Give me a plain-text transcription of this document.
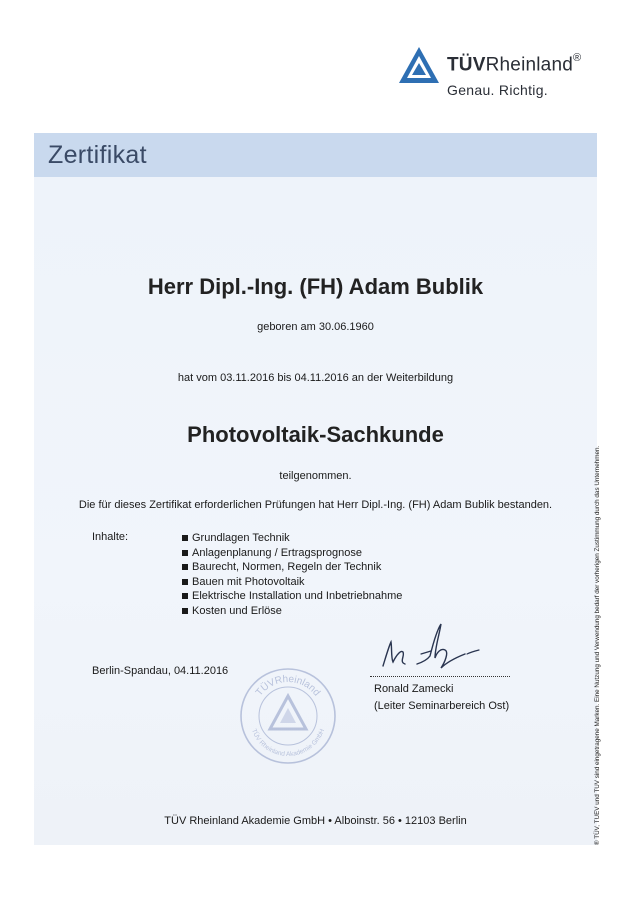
TÜVRheinland®
Genau. Richtig.
Zertifikat
Herr Dipl.-Ing. (FH) Adam Bublik
geboren am 30.06.1960
hat vom 03.11.2016 bis 04.11.2016 an der Weiterbildung
Photovoltaik-Sachkunde
teilgenommen.
Die für dieses Zertifikat erforderlichen Prüfungen hat Herr Dipl.-Ing. (FH) Adam Bublik bestanden.
Inhalte:	Grundlagen Technik
Anlagenplanung / Ertragsprognose
Baurecht, Normen, Regeln der Technik
Bauen mit Photovoltaik
Elektrische Installation und Inbetriebnahme
Kosten und Erlöse
Berlin-Spandau, 04.11.2016
Ronald Zamecki
(Leiter Seminarbereich Ost)
TÜVRheinland
TÜV Rheinland Akademie GmbH
TÜV Rheinland Akademie GmbH • Alboinstr. 56 • 12103 Berlin	® TÜV, TUEV und TUV sind eingetragene Marken. Eine Nutzung und Verwendung bedarf der vorherigen Zustimmung durch das Unternehmen.
